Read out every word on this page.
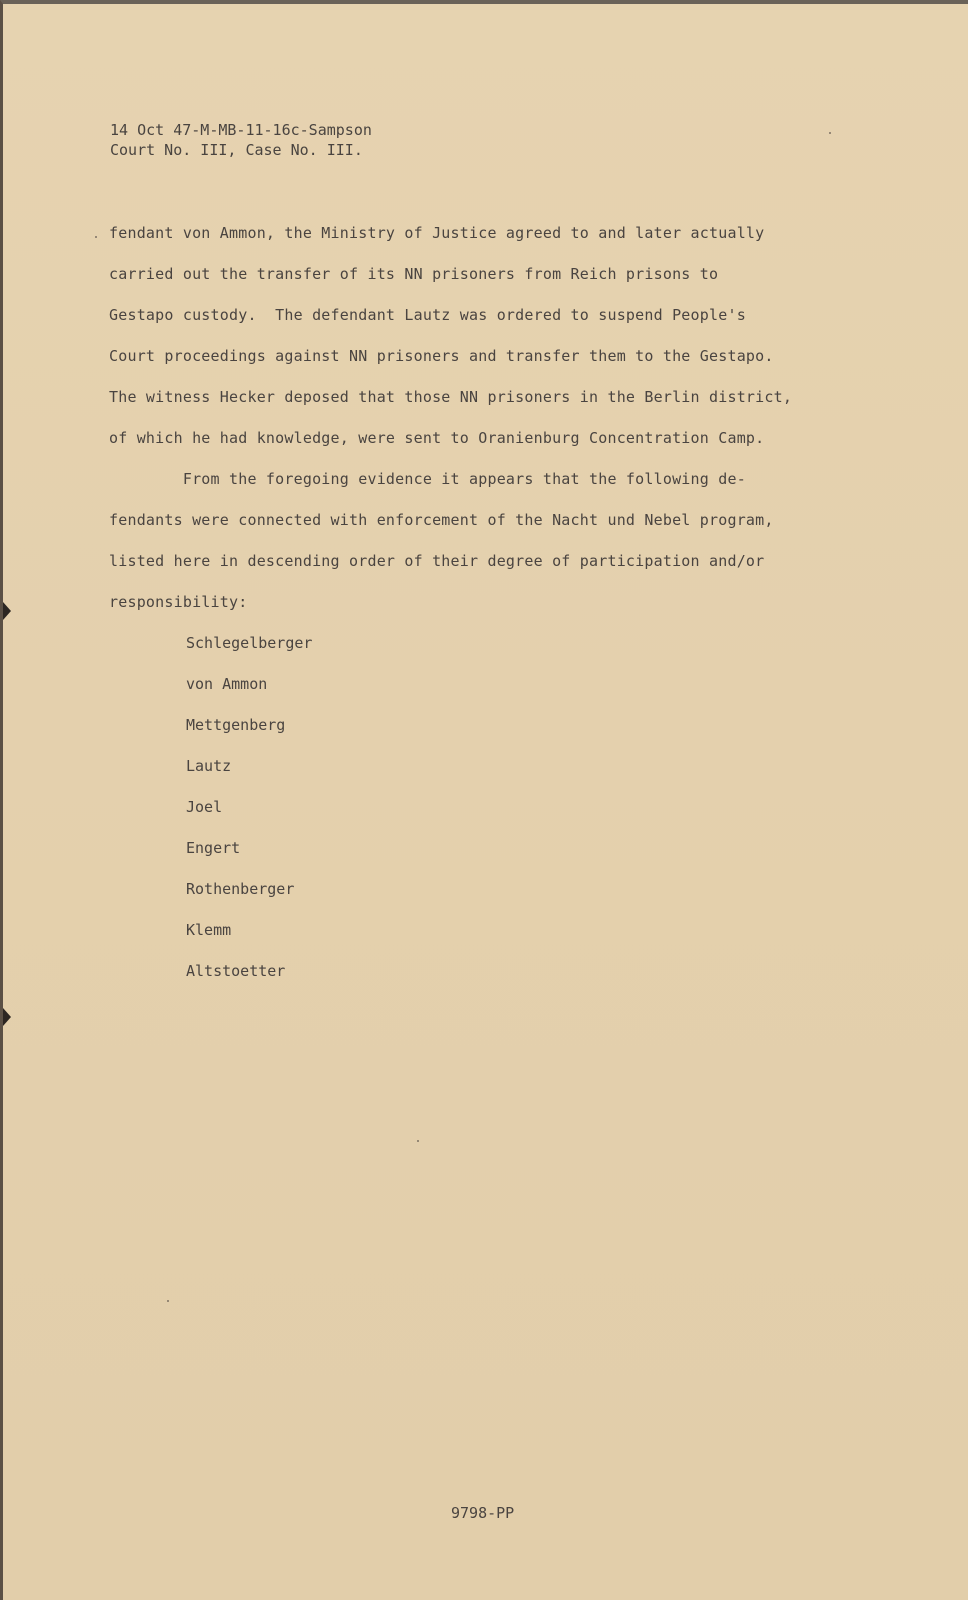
14 Oct 47-M-MB-11-16c-Sampson
Court No. III, Case No. III.
fendant von Ammon, the Ministry of Justice agreed to and later actually
carried out the transfer of its NN prisoners from Reich prisons to
Gestapo custody.  The defendant Lautz was ordered to suspend People's
Court proceedings against NN prisoners and transfer them to the Gestapo.
The witness Hecker deposed that those NN prisoners in the Berlin district,
of which he had knowledge, were sent to Oranienburg Concentration Camp.
From the foregoing evidence it appears that the following de-
fendants were connected with enforcement of the Nacht und Nebel program,
listed here in descending order of their degree of participation and/or
responsibility:
Schlegelberger
von Ammon
Mettgenberg
Lautz
Joel
Engert
Rothenberger
Klemm
Altstoetter
9798-PP
